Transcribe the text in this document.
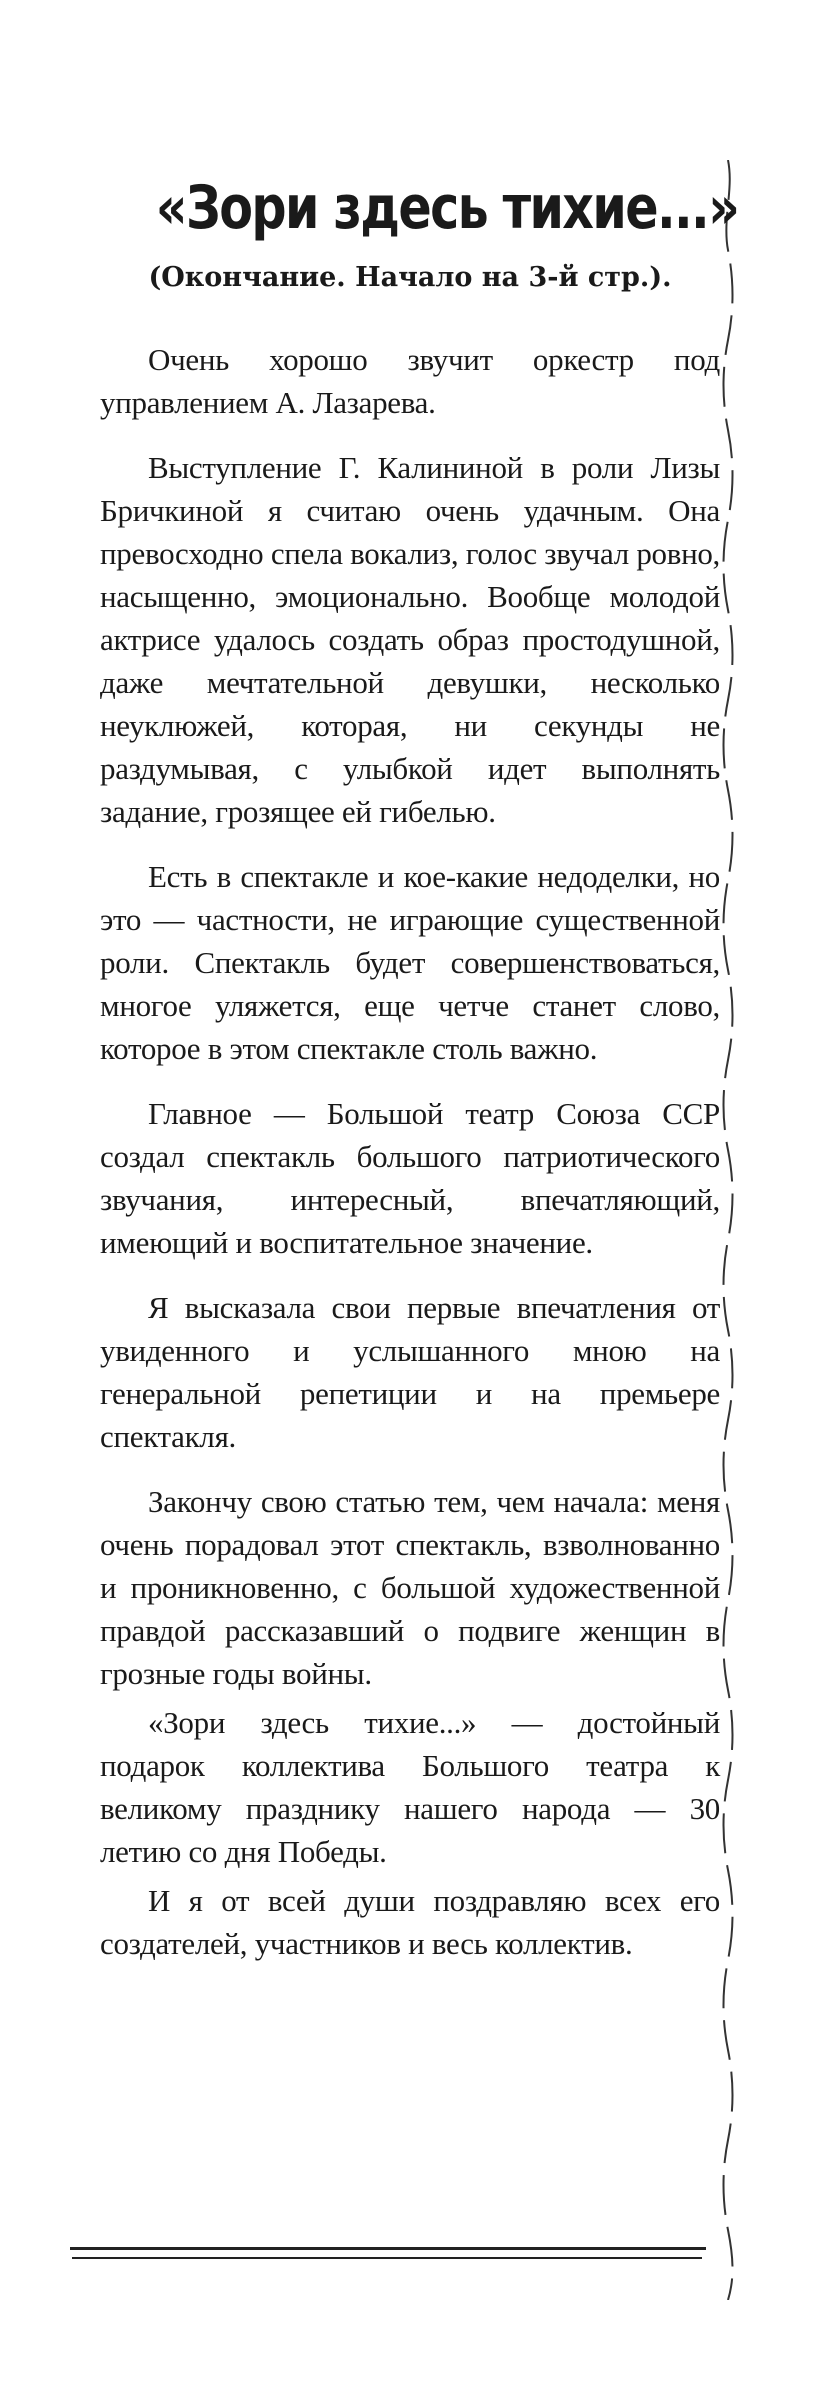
«Зори здесь тихие...»

(Окончание. Начало на 3-й стр.).

Очень хорошо звучит оркестр под управлением А. Лазарева.

Выступление Г. Калининой в роли Лизы Бричкиной я считаю очень удачным. Она превосходно спела вокализ, голос звучал ровно, насыщенно, эмоционально. Вообще молодой актрисе удалось создать образ простодушной, даже мечтательной девушки, несколько неуклюжей, которая, ни секунды не раздумывая, с улыбкой идет выполнять задание, грозящее ей гибелью.

Есть в спектакле и кое-какие недоделки, но это — частности, не играющие существенной роли. Спектакль будет совершенствоваться, многое уляжется, еще четче станет слово, которое в этом спектакле столь важно.

Главное — Большой театр Союза ССР создал спектакль большого патриотического звучания, интересный, впечатляющий, имеющий и воспитательное значение.

Я высказала свои первые впечатления от увиденного и услышанного мною на генеральной репетиции и на премьере спектакля.

Закончу свою статью тем, чем начала: меня очень порадовал этот спектакль, взволнованно и проникновенно, с большой художественной правдой рассказавший о подвиге женщин в грозные годы войны.

«Зори здесь тихие...» — достойный подарок коллектива Большого театра к великому празднику нашего народа — 30 летию со дня Победы.

И я от всей души поздравляю всех его создателей, участников и весь коллектив.
